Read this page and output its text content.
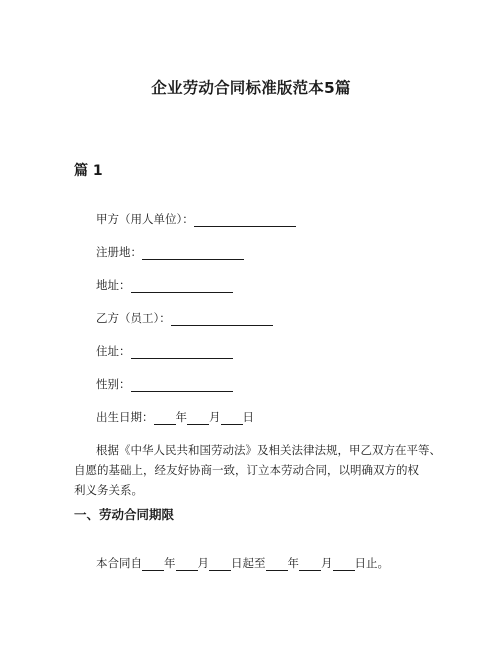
企业劳动合同标准版范本5篇
篇 1
甲方（用人单位）：
注册地：
地址：
乙方（员工）：
住址：
性别：
出生日期： 年 月 日
根据《中华人民共和国劳动法》及相关法律法规，甲乙双方在平等、
自愿的基础上，经友好协商一致，订立本劳动合同，以明确双方的权
利义务关系。
一、劳动合同期限
本合同自 年 月 日起至 年 月 日止。
